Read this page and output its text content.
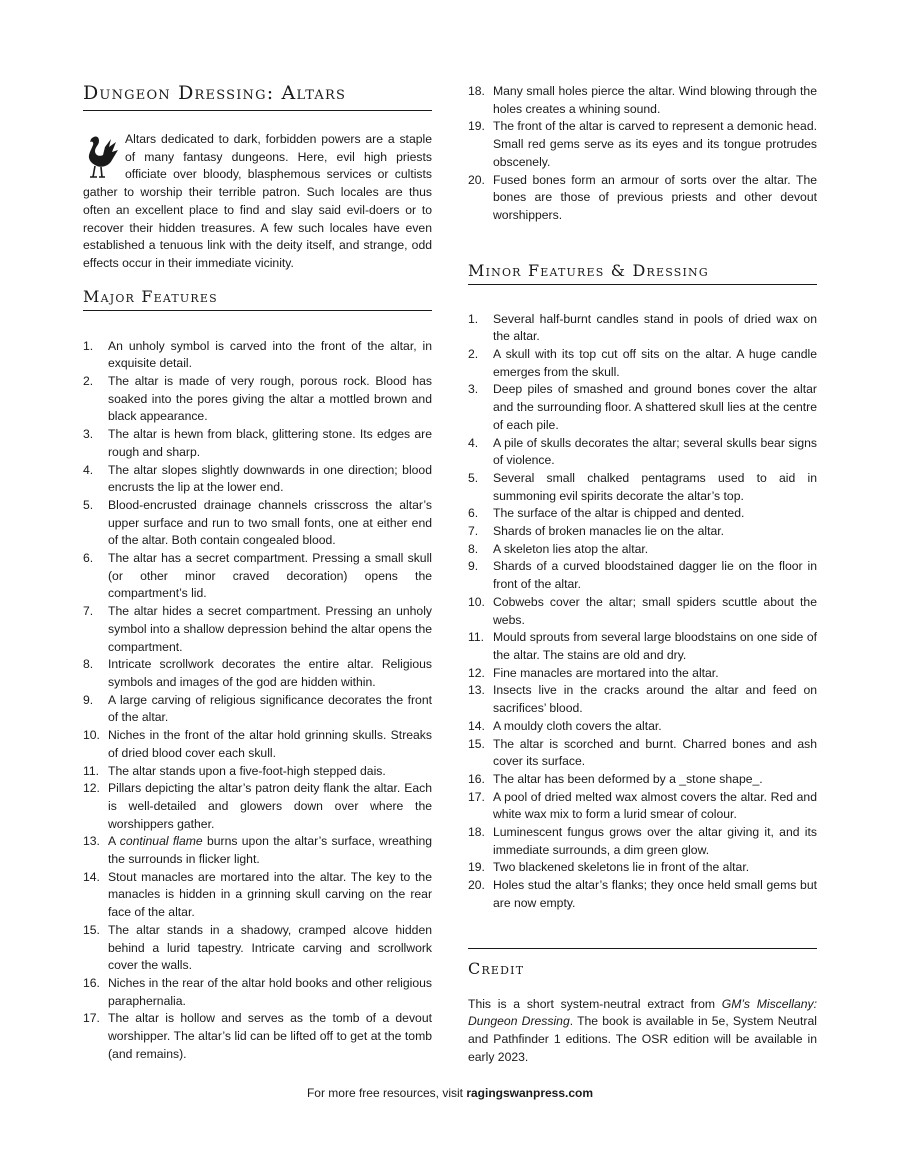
Dungeon Dressing: Altars

Altars dedicated to dark, forbidden powers are a staple of many fantasy dungeons. Here, evil high priests officiate over bloody, blasphemous services or cultists gather to worship their terrible patron. Such locales are thus often an excellent place to find and slay said evil-doers or to recover their hidden treasures. A few such locales have even established a tenuous link with the deity itself, and strange, odd effects occur in their immediate vicinity.

Major Features
1. An unholy symbol is carved into the front of the altar, in exquisite detail.
2. The altar is made of very rough, porous rock. Blood has soaked into the pores giving the altar a mottled brown and black appearance.
3. The altar is hewn from black, glittering stone. Its edges are rough and sharp.
4. The altar slopes slightly downwards in one direction; blood encrusts the lip at the lower end.
5. Blood-encrusted drainage channels crisscross the altar’s upper surface and run to two small fonts, one at either end of the altar. Both contain congealed blood.
6. The altar has a secret compartment. Pressing a small skull (or other minor craved decoration) opens the compartment’s lid.
7. The altar hides a secret compartment. Pressing an unholy symbol into a shallow depression behind the altar opens the compartment.
8. Intricate scrollwork decorates the entire altar. Religious symbols and images of the god are hidden within.
9. A large carving of religious significance decorates the front of the altar.
10. Niches in the front of the altar hold grinning skulls. Streaks of dried blood cover each skull.
11. The altar stands upon a five-foot-high stepped dais.
12. Pillars depicting the altar’s patron deity flank the altar. Each is well-detailed and glowers down over where the worshippers gather.
13. A continual flame burns upon the altar’s surface, wreathing the surrounds in flicker light.
14. Stout manacles are mortared into the altar. The key to the manacles is hidden in a grinning skull carving on the rear face of the altar.
15. The altar stands in a shadowy, cramped alcove hidden behind a lurid tapestry. Intricate carving and scrollwork cover the walls.
16. Niches in the rear of the altar hold books and other religious paraphernalia.
17. The altar is hollow and serves as the tomb of a devout worshipper. The altar’s lid can be lifted off to get at the tomb (and remains).
18. Many small holes pierce the altar. Wind blowing through the holes creates a whining sound.
19. The front of the altar is carved to represent a demonic head. Small red gems serve as its eyes and its tongue protrudes obscenely.
20. Fused bones form an armour of sorts over the altar. The bones are those of previous priests and other devout worshippers.
Minor Features & Dressing
1. Several half-burnt candles stand in pools of dried wax on the altar.
2. A skull with its top cut off sits on the altar. A huge candle emerges from the skull.
3. Deep piles of smashed and ground bones cover the altar and the surrounding floor. A shattered skull lies at the centre of each pile.
4. A pile of skulls decorates the altar; several skulls bear signs of violence.
5. Several small chalked pentagrams used to aid in summoning evil spirits decorate the altar’s top.
6. The surface of the altar is chipped and dented.
7. Shards of broken manacles lie on the altar.
8. A skeleton lies atop the altar.
9. Shards of a curved bloodstained dagger lie on the floor in front of the altar.
10. Cobwebs cover the altar; small spiders scuttle about the webs.
11. Mould sprouts from several large bloodstains on one side of the altar. The stains are old and dry.
12. Fine manacles are mortared into the altar.
13. Insects live in the cracks around the altar and feed on sacrifices’ blood.
14. A mouldy cloth covers the altar.
15. The altar is scorched and burnt. Charred bones and ash cover its surface.
16. The altar has been deformed by a _stone shape_.
17. A pool of dried melted wax almost covers the altar. Red and white wax mix to form a lurid smear of colour.
18. Luminescent fungus grows over the altar giving it, and its immediate surrounds, a dim green glow.
19. Two blackened skeletons lie in front of the altar.
20. Holes stud the altar’s flanks; they once held small gems but are now empty.
Credit

This is a short system-neutral extract from GM’s Miscellany: Dungeon Dressing. The book is available in 5e, System Neutral and Pathfinder 1 editions. The OSR edition will be available in early 2023.

For more free resources, visit ragingswanpress.com
